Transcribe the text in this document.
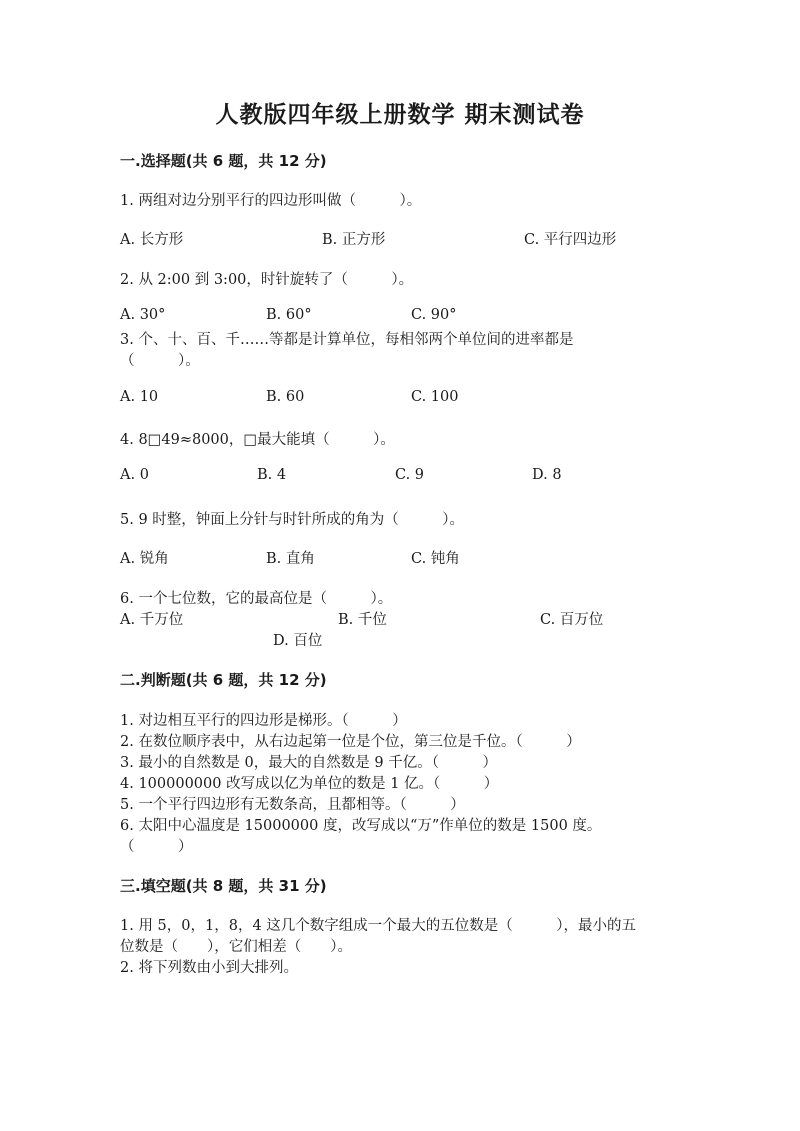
人教版四年级上册数学 期末测试卷
一.选择题(共 6 题，共 12 分)
1. 两组对边分别平行的四边形叫做（　　　）。
A. 长方形	B. 正方形	C. 平行四边形
2. 从 2:00 到 3:00，时针旋转了（　　　）。
A. 30°	B. 60°	C. 90°
3. 个、十、百、千……等都是计算单位，每相邻两个单位间的进率都是
（　　　）。
A. 10	B. 60	C. 100
4. 8□49≈8000，□最大能填（　　　）。
A. 0	B. 4	C. 9	D. 8
5. 9 时整，钟面上分针与时针所成的角为（　　　）。
A. 锐角	B. 直角	C. 钝角
6. 一个七位数，它的最高位是（　　　）。
A. 千万位	B. 千位	C. 百万位
D. 百位
二.判断题(共 6 题，共 12 分)
1. 对边相互平行的四边形是梯形。（　　　）
2. 在数位顺序表中，从右边起第一位是个位，第三位是千位。（　　　）
3. 最小的自然数是 0，最大的自然数是 9 千亿。（　　　）
4. 100000000 改写成以亿为单位的数是 1 亿。（　　　）
5. 一个平行四边形有无数条高，且都相等。（　　　）
6. 太阳中心温度是 15000000 度，改写成以“万”作单位的数是 1500 度。
（　　　）
三.填空题(共 8 题，共 31 分)
1. 用 5，0，1，8，4 这几个数字组成一个最大的五位数是（　　　），最小的五
位数是（　　），它们相差（　　）。
2. 将下列数由小到大排列。
